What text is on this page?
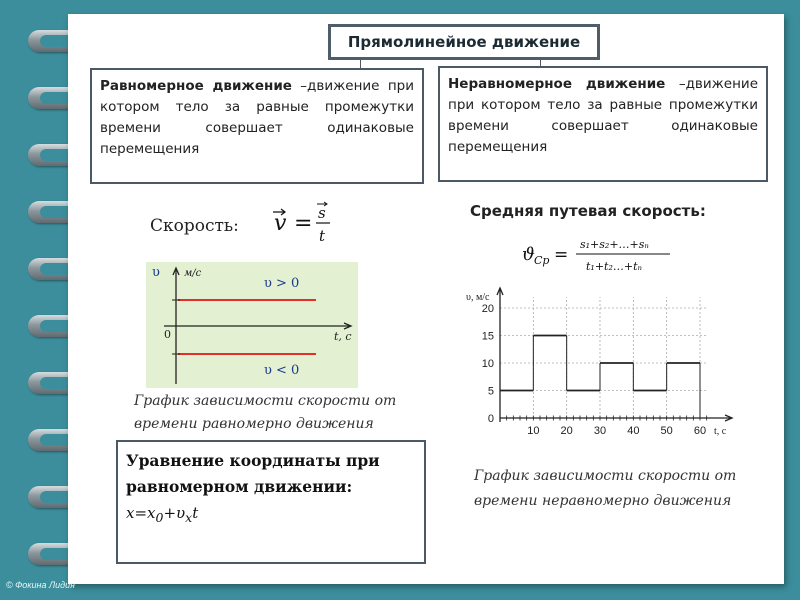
Прямолинейное движение
Равномерное движение –движение при котором тело за равные промежутки времени совершает одинаковые перемещения
Неравномерное движение –движение при котором тело за равные промежутки времени совершает одинаковые перемещения
Скорость: v = s
t
υ м/с
0	t, c
υ > 0
υ < 0
График зависимости скорости от
времени равномерно движения
Уравнение координаты при
равномерном движении:
$x=x_0+\upsilon_xt$
Средняя путевая скорость:
ϑ Cp =
s₁+s₂+…+sₙ
t₁+t₂…+tₙ
10 20 30 40 50 60
5
10
15
20
0
υ, м/с
t, c
График зависимости скорости от
времени неравномерно движения
© Фокина Лидия
